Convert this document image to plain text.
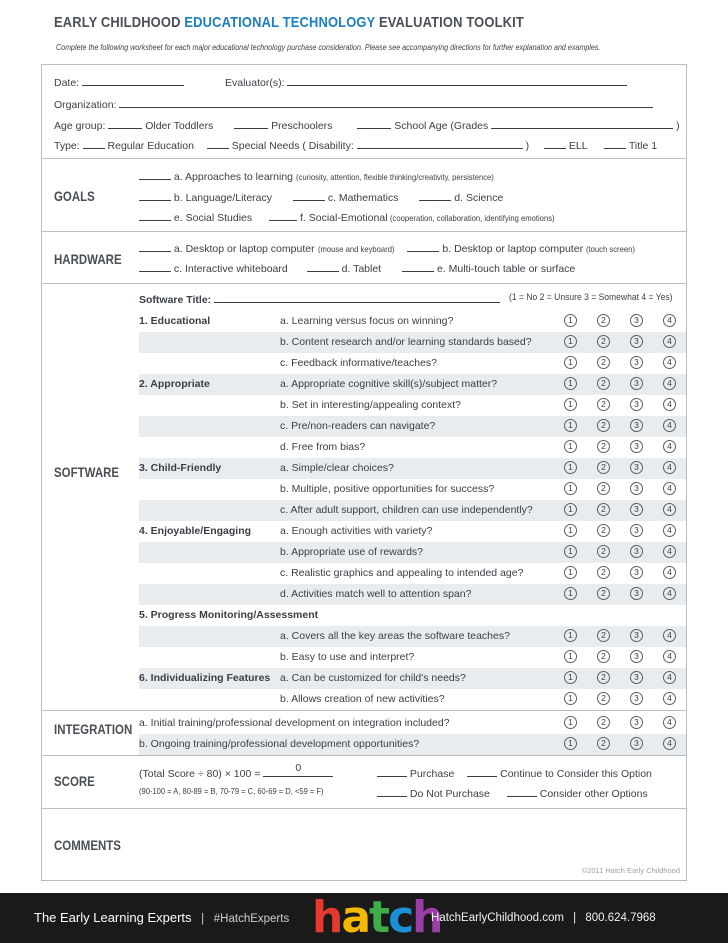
EARLY CHILDHOOD EDUCATIONAL TECHNOLOGY EVALUATION TOOLKIT
Complete the following worksheet for each major educational technology purchase consideration. Please see accompanying directions for further explanation and examples.
Date:	Evaluator(s):
Organization:
Age group:	Older Toddlers	Preschoolers	School Age (Grades	)
Type:	Regular Education	Special Needs ( Disability:	)	ELL	Title 1
GOALS
a. Approaches to learning (curiosity, attention, flexible thinking/creativity, persistence)
b. Language/Literacy	c. Mathematics	d. Science
e. Social Studies	f. Social-Emotional (cooperation, collaboration, identifying emotions)
HARDWARE
a. Desktop or laptop computer (mouse and keyboard)	b. Desktop or laptop computer (touch screen)
c. Interactive whiteboard	d. Tablet	e. Multi-touch table or surface
SOFTWARE
Software Title:	(1 = No 2 = Unsure 3 = Somewhat 4 = Yes)
1. Educational	a. Learning versus focus on winning?	1	2	3	4
b. Content research and/or learning standards based?	1	2	3	4
c. Feedback informative/teaches?	1	2	3	4
2. Appropriate	a. Appropriate cognitive skill(s)/subject matter?	1	2	3	4
b. Set in interesting/appealing context?	1	2	3	4
c. Pre/non-readers can navigate?	1	2	3	4
d. Free from bias?	1	2	3	4
3. Child-Friendly	a. Simple/clear choices?	1	2	3	4
b. Multiple, positive opportunities for success?	1	2	3	4
c. After adult support, children can use independently?	1	2	3	4
4. Enjoyable/Engaging	a. Enough activities with variety?	1	2	3	4
b. Appropriate use of rewards?	1	2	3	4
c. Realistic graphics and appealing to intended age?	1	2	3	4
d. Activities match well to attention span?	1	2	3	4
5. Progress Monitoring/Assessment
a. Covers all the key areas the software teaches?	1	2	3	4
b. Easy to use and interpret?	1	2	3	4
6. Individualizing Features a. Can be customized for child's needs?	1	2	3	4
b. Allows creation of new activities?	1	2	3	4
INTEGRATION a. Initial training/professional development on integration included?	1	2	3	4
b. Ongoing training/professional development opportunities?	1	2	3	4
SCORE	(Total Score ÷ 80) × 100 =	0
(90-100 = A, 80-89 = B, 70-79 = C, 60-69 = D, <59 = F)
Purchase	Continue to Consider this Option
Do Not Purchase	Consider other Options
COMMENTS
©2011 Hatch Early Childhood
The Early Learning Experts | #HatchExperts hatch
HatchEarlyChildhood.com | 800.624.7968
